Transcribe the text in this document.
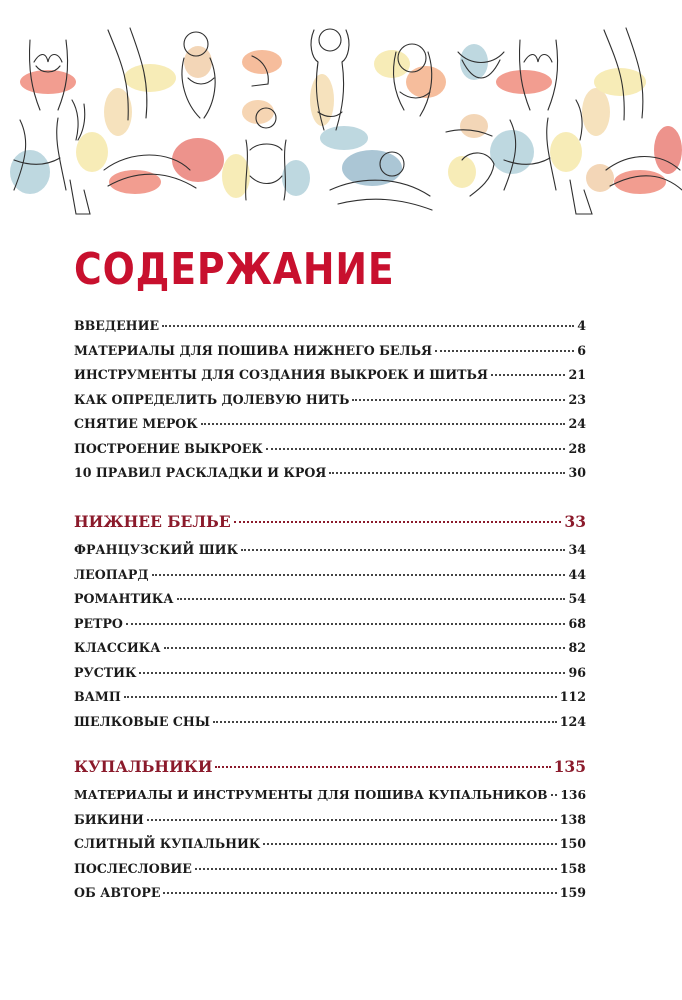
СОДЕРЖАНИЕ
ВВЕДЕНИЕ	4
МАТЕРИАЛЫ ДЛЯ ПОШИВА НИЖНЕГО БЕЛЬЯ	6
ИНСТРУМЕНТЫ ДЛЯ СОЗДАНИЯ ВЫКРОЕК И ШИТЬЯ	21
КАК ОПРЕДЕЛИТЬ ДОЛЕВУЮ НИТЬ	23
СНЯТИЕ МЕРОК	24
ПОСТРОЕНИЕ ВЫКРОЕК	28
10 ПРАВИЛ РАСКЛАДКИ И КРОЯ	30
НИЖНЕЕ БЕЛЬЕ	33
ФРАНЦУЗСКИЙ ШИК	34
ЛЕОПАРД	44
РОМАНТИКА	54
РЕТРО	68
КЛАССИКА	82
РУСТИК	96
ВАМП	112
ШЕЛКОВЫЕ СНЫ	124
КУПАЛЬНИКИ	135
МАТЕРИАЛЫ И ИНСТРУМЕНТЫ ДЛЯ ПОШИВА КУПАЛЬНИКОВ 136
БИКИНИ	138
СЛИТНЫЙ КУПАЛЬНИК	150
ПОСЛЕСЛОВИЕ	158
ОБ АВТОРЕ	159
